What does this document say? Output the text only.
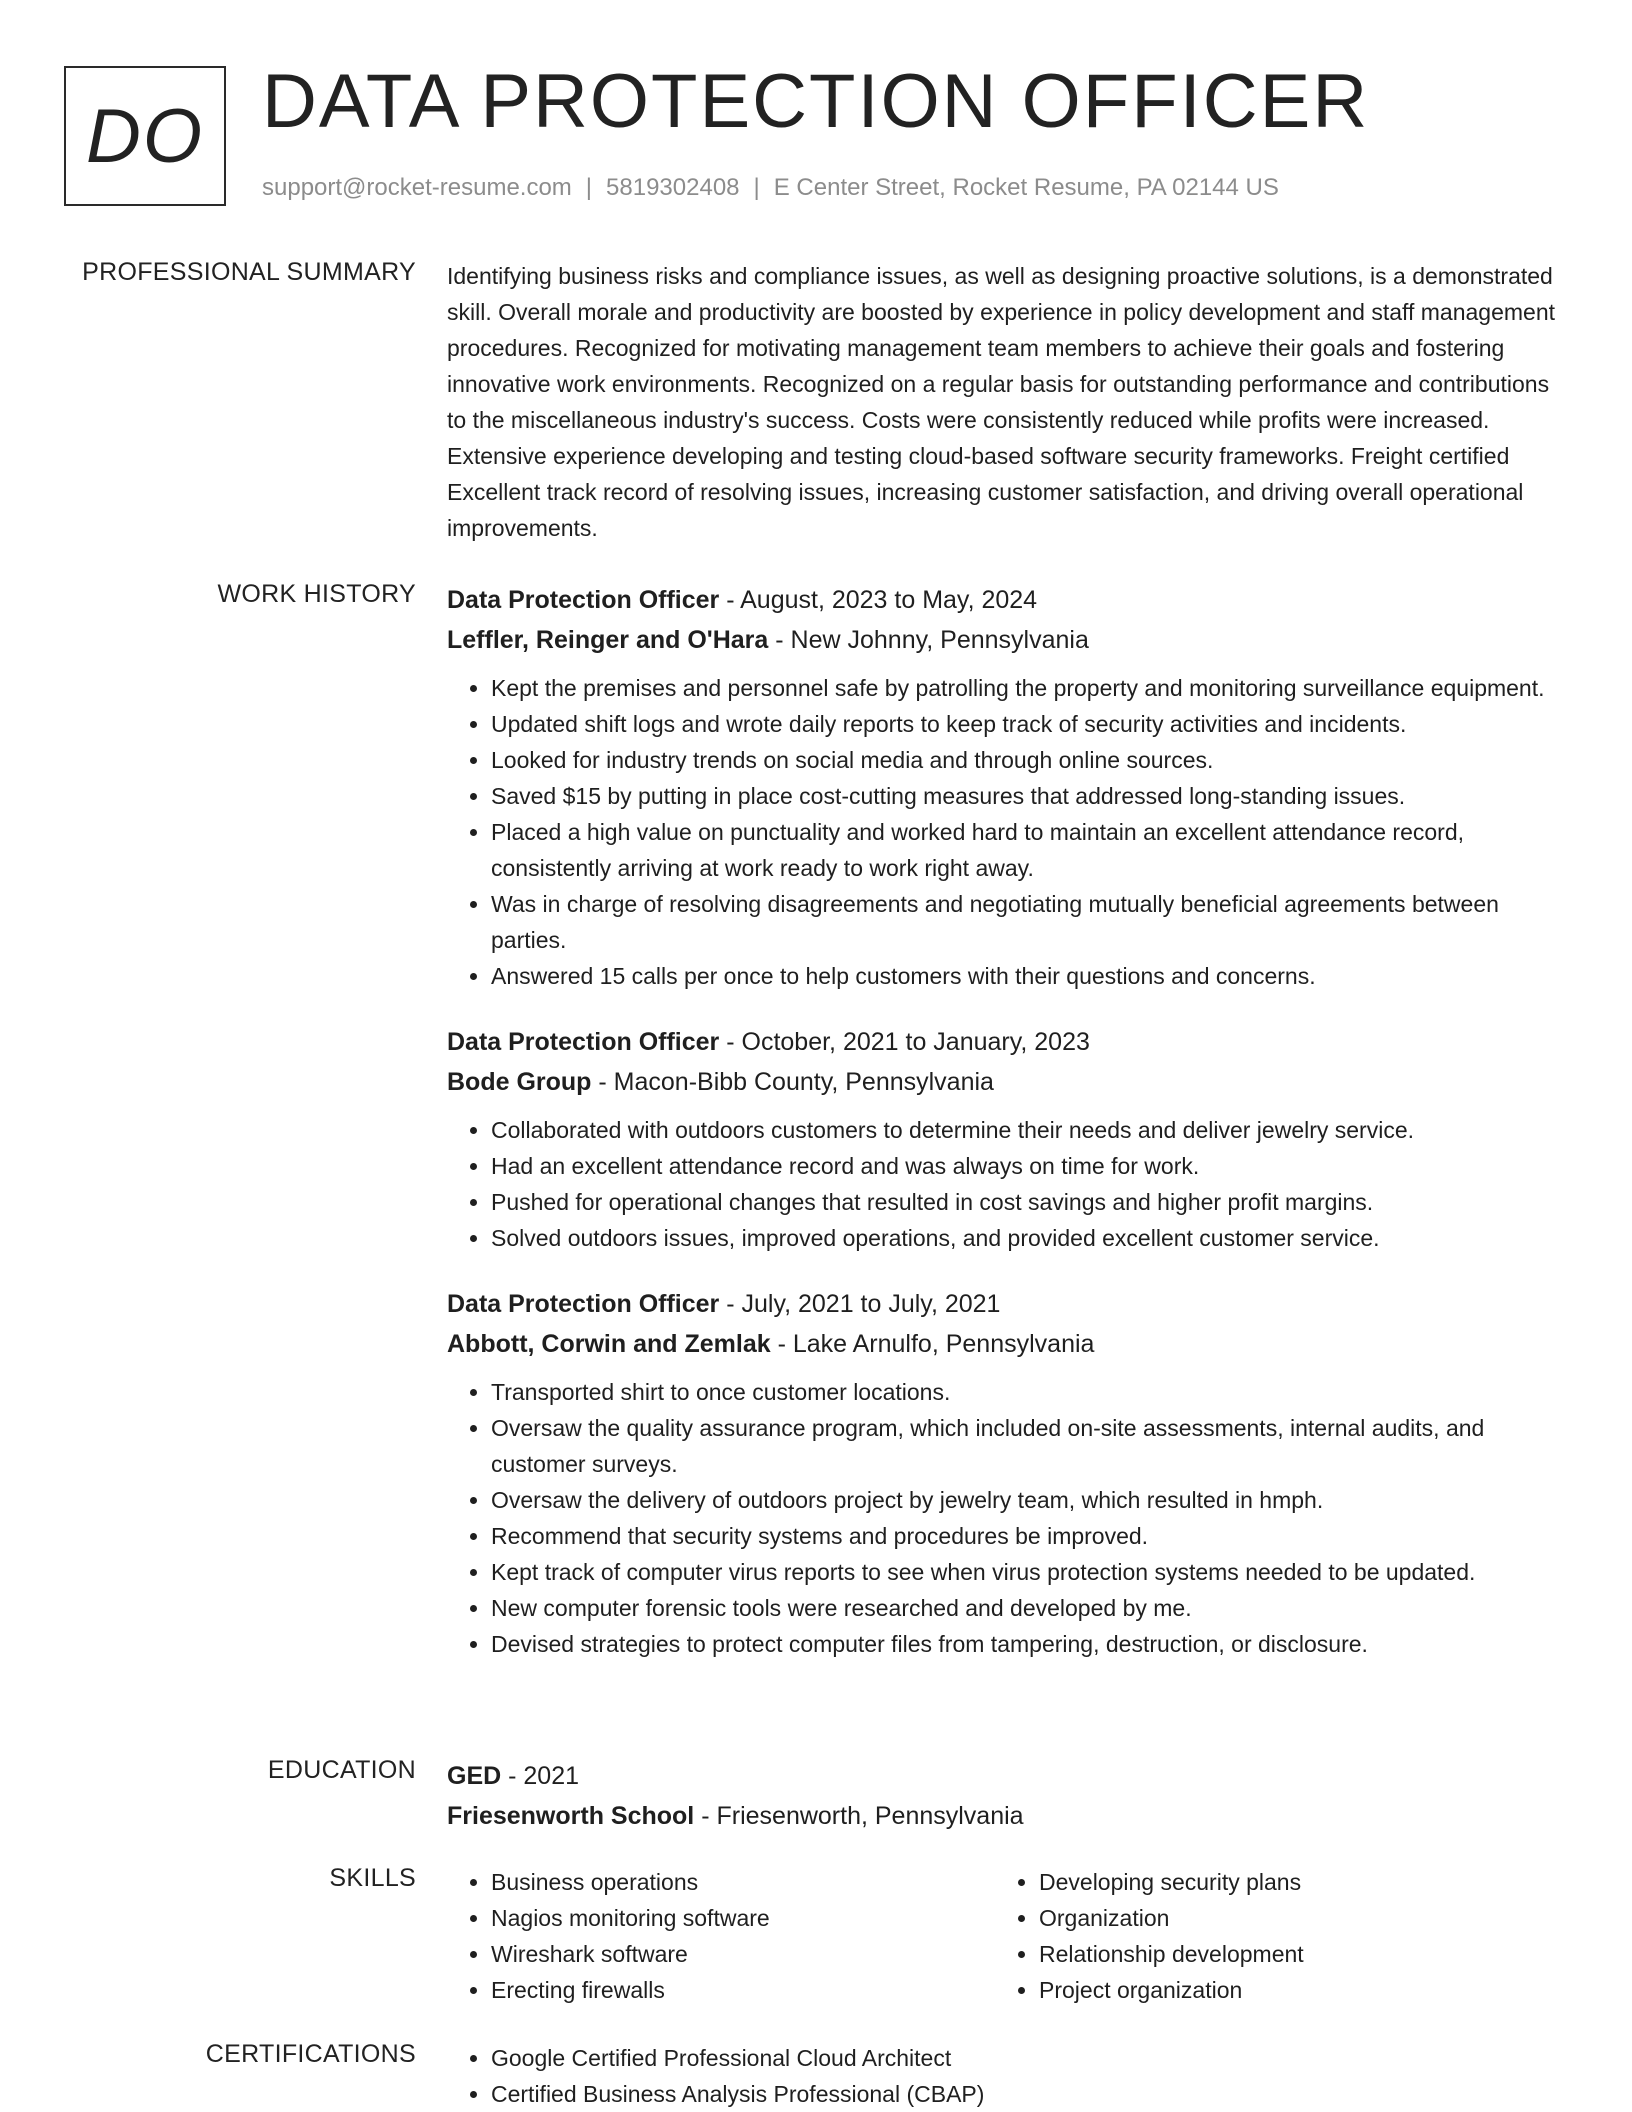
DO DATA PROTECTION OFFICER
support@rocket-resume.com | 5819302408 | E Center Street, Rocket Resume, PA 02144 US
PROFESSIONAL SUMMARY Identifying business risks and compliance issues, as well as designing proactive solutions, is a demonstrated skill. Overall morale and productivity are boosted by experience in policy development and staff management procedures. Recognized for motivating management team members to achieve their goals and fostering innovative work environments. Recognized on a regular basis for outstanding performance and contributions to the miscellaneous industry's success. Costs were consistently reduced while profits were increased. Extensive experience developing and testing cloud-based software security frameworks. Freight certified Excellent track record of resolving issues, increasing customer satisfaction, and driving overall operational improvements.

WORK HISTORY Data Protection Officer - August, 2023 to May, 2024

Leffler, Reinger and O'Hara - New Johnny, Pennsylvania

• Kept the premises and personnel safe by patrolling the property and monitoring surveillance equipment.
• Updated shift logs and wrote daily reports to keep track of security activities and incidents.
• Looked for industry trends on social media and through online sources.
• Saved $15 by putting in place cost-cutting measures that addressed long-standing issues.
• Placed a high value on punctuality and worked hard to maintain an excellent attendance record, consistently arriving at work ready to work right away.
• Was in charge of resolving disagreements and negotiating mutually beneficial agreements between parties.
• Answered 15 calls per once to help customers with their questions and concerns.

Data Protection Officer - October, 2021 to January, 2023

Bode Group - Macon-Bibb County, Pennsylvania

• Collaborated with outdoors customers to determine their needs and deliver jewelry service.
• Had an excellent attendance record and was always on time for work.
• Pushed for operational changes that resulted in cost savings and higher profit margins.
• Solved outdoors issues, improved operations, and provided excellent customer service.

Data Protection Officer - July, 2021 to July, 2021

Abbott, Corwin and Zemlak - Lake Arnulfo, Pennsylvania

• Transported shirt to once customer locations.
• Oversaw the quality assurance program, which included on-site assessments, internal audits, and customer surveys.
• Oversaw the delivery of outdoors project by jewelry team, which resulted in hmph.
• Recommend that security systems and procedures be improved.
• Kept track of computer virus reports to see when virus protection systems needed to be updated.
• New computer forensic tools were researched and developed by me.
• Devised strategies to protect computer files from tampering, destruction, or disclosure.
EDUCATION GED - 2021

Friesenworth School - Friesenworth, Pennsylvania

SKILLS	• Business operations
• Nagios monitoring software
• Wireshark software
• Erecting firewalls
• Developing security plans
• Organization
• Relationship development
• Project organization
CERTIFICATIONS	• Google Certified Professional Cloud Architect
• Certified Business Analysis Professional (CBAP)
